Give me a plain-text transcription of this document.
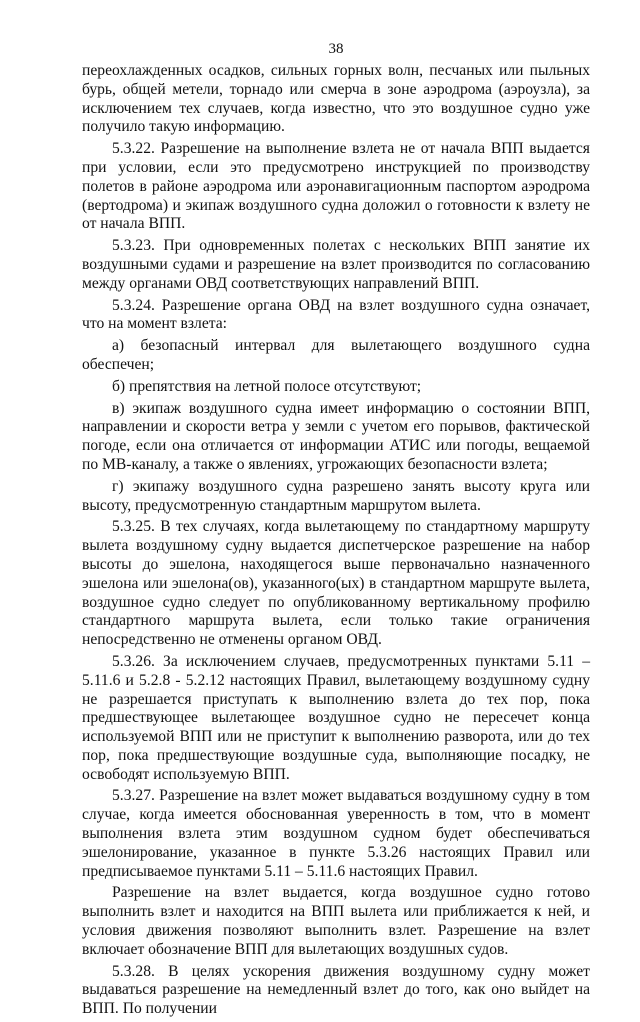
38

переохлажденных осадков, сильных горных волн, песчаных или пыльных бурь, общей метели, торнадо или смерча в зоне аэродрома (аэроузла), за исключением тех случаев, когда известно, что это воздушное судно уже получило такую информацию.

5.3.22. Разрешение на выполнение взлета не от начала ВПП выдается при условии, если это предусмотрено инструкцией по производству полетов в районе аэродрома или аэронавигационным паспортом аэродрома (вертодрома) и экипаж воздушного судна доложил о готовности к взлету не от начала ВПП.

5.3.23. При одновременных полетах с нескольких ВПП занятие их воздушными судами и разрешение на взлет производится по согласованию между органами ОВД соответствующих направлений ВПП.

5.3.24. Разрешение органа ОВД на взлет воздушного судна означает, что на момент взлета:

а) безопасный интервал для вылетающего воздушного судна обеспечен;

б) препятствия на летной полосе отсутствуют;

в) экипаж воздушного судна имеет информацию о состоянии ВПП, направлении и скорости ветра у земли с учетом его порывов, фактической погоде, если она отличается от информации АТИС или погоды, вещаемой по МВ-каналу, а также о явлениях, угрожающих безопасности взлета;

г) экипажу воздушного судна разрешено занять высоту круга или высоту, предусмотренную стандартным маршрутом вылета.

5.3.25. В тех случаях, когда вылетающему по стандартному маршруту вылета воздушному судну выдается диспетчерское разрешение на набор высоты до эшелона, находящегося выше первоначально назначенного эшелона или эшелона(ов), указанного(ых) в стандартном маршруте вылета, воздушное судно следует по опубликованному вертикальному профилю стандартного маршрута вылета, если только такие ограничения непосредственно не отменены органом ОВД.

5.3.26. За исключением случаев, предусмотренных пунктами 5.11 – 5.11.6 и 5.2.8 - 5.2.12 настоящих Правил, вылетающему воздушному судну не разрешается приступать к выполнению взлета до тех пор, пока предшествующее вылетающее воздушное судно не пересечет конца используемой ВПП или не приступит к выполнению разворота, или до тех пор, пока предшествующие воздушные суда, выполняющие посадку, не освободят используемую ВПП.

5.3.27. Разрешение на взлет может выдаваться воздушному судну в том случае, когда имеется обоснованная уверенность в том, что в момент выполнения взлета этим воздушном судном будет обеспечиваться эшелонирование, указанное в пункте 5.3.26 настоящих Правил или предписываемое пунктами 5.11 – 5.11.6 настоящих Правил.

Разрешение на взлет выдается, когда воздушное судно готово выполнить взлет и находится на ВПП вылета или приближается к ней, и условия движения позволяют выполнить взлет. Разрешение на взлет включает обозначение ВПП для вылетающих воздушных судов.

5.3.28. В целях ускорения движения воздушному судну может выдаваться разрешение на немедленный взлет до того, как оно выйдет на ВПП. По получении
